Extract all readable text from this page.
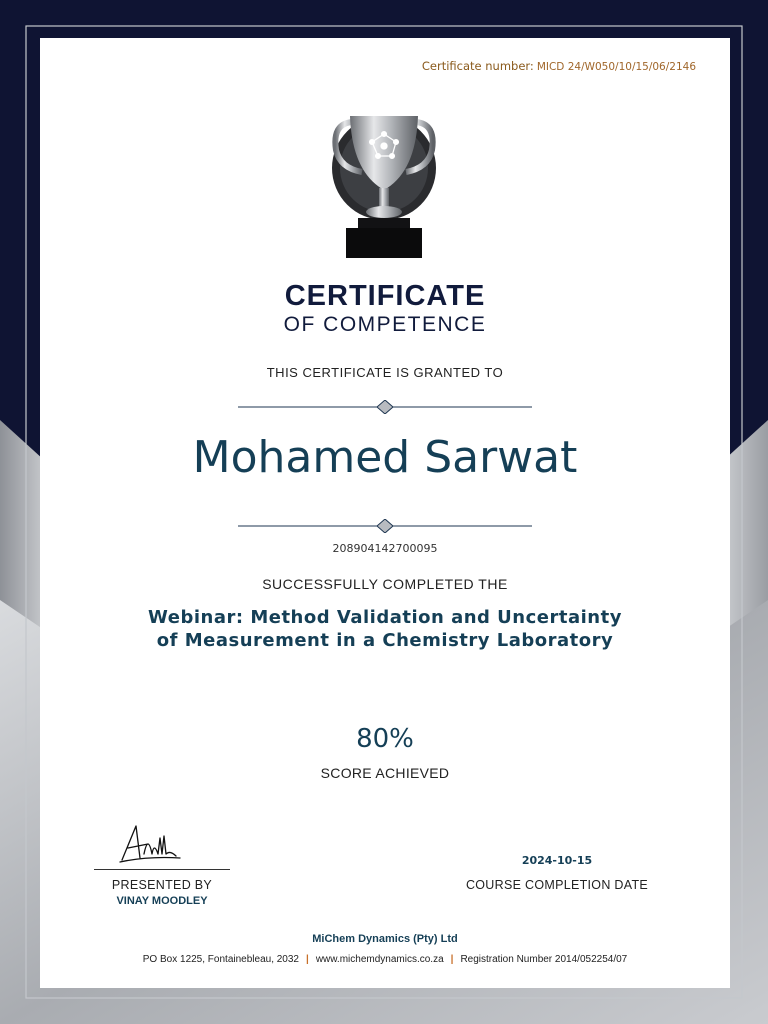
Certificate number: MICD 24/W050/10/15/06/2146
CERTIFICATE
OF COMPETENCE
THIS CERTIFICATE IS GRANTED TO
Mohamed Sarwat
208904142700095
SUCCESSFULLY COMPLETED THE
Webinar: Method Validation and Uncertainty
of Measurement in a Chemistry Laboratory
80%
SCORE ACHIEVED
PRESENTED BY
VINAY MOODLEY
2024-10-15
COURSE COMPLETION DATE
MiChem Dynamics (Pty) Ltd
PO Box 1225, Fontainebleau, 2032 | www.michemdynamics.co.za | Registration Number 2014/052254/07
